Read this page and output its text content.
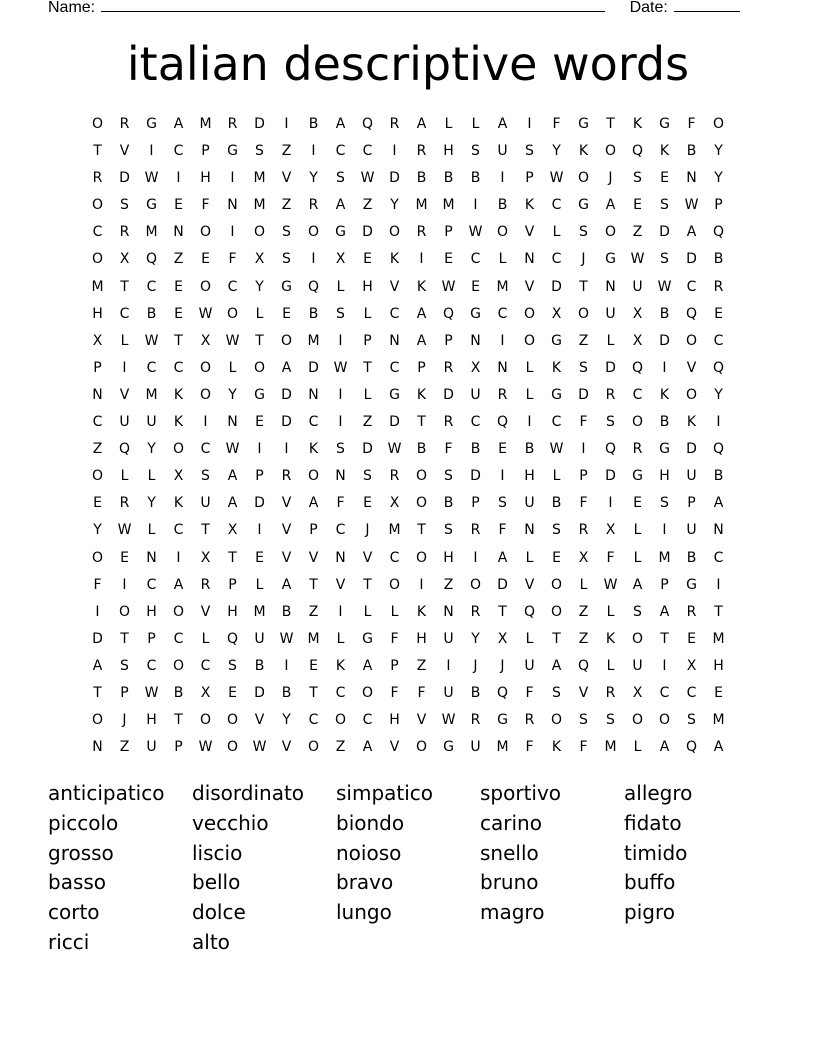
Name:	Date:
italian descriptive words
O	R	G	A	M	R	D	I	B	A	Q	R	A	L	L	A	I	F	G	T	K	G	F	O
T	V	I	C	P	G	S	Z	I	C	C	I	R	H	S	U	S	Y	K	O	Q	K	B	Y
R	D	W	I	H	I	M	V	Y	S	W	D	B	B	B	I	P	W	O	J	S	E	N	Y
O	S	G	E	F	N	M	Z	R	A	Z	Y	M	M	I	B	K	C	G	A	E	S	W	P
C	R	M	N	O	I	O	S	O	G	D	O	R	P	W	O	V	L	S	O	Z	D	A	Q
O	X	Q	Z	E	F	X	S	I	X	E	K	I	E	C	L	N	C	J	G	W	S	D	B
M	T	C	E	O	C	Y	G	Q	L	H	V	K	W	E	M	V	D	T	N	U	W	C	R
H	C	B	E	W	O	L	E	B	S	L	C	A	Q	G	C	O	X	O	U	X	B	Q	E
X	L	W	T	X	W	T	O	M	I	P	N	A	P	N	I	O	G	Z	L	X	D	O	C
P	I	C	C	O	L	O	A	D	W	T	C	P	R	X	N	L	K	S	D	Q	I	V	Q
N	V	M	K	O	Y	G	D	N	I	L	G	K	D	U	R	L	G	D	R	C	K	O	Y
C	U	U	K	I	N	E	D	C	I	Z	D	T	R	C	Q	I	C	F	S	O	B	K	I
Z	Q	Y	O	C	W	I	I	K	S	D	W	B	F	B	E	B	W	I	Q	R	G	D	Q
O	L	L	X	S	A	P	R	O	N	S	R	O	S	D	I	H	L	P	D	G	H	U	B
E	R	Y	K	U	A	D	V	A	F	E	X	O	B	P	S	U	B	F	I	E	S	P	A
Y	W	L	C	T	X	I	V	P	C	J	M	T	S	R	F	N	S	R	X	L	I	U	N
O	E	N	I	X	T	E	V	V	N	V	C	O	H	I	A	L	E	X	F	L	M	B	C
F	I	C	A	R	P	L	A	T	V	T	O	I	Z	O	D	V	O	L	W	A	P	G	I
I	O	H	O	V	H	M	B	Z	I	L	L	K	N	R	T	Q	O	Z	L	S	A	R	T
D	T	P	C	L	Q	U	W	M	L	G	F	H	U	Y	X	L	T	Z	K	O	T	E	M
A	S	C	O	C	S	B	I	E	K	A	P	Z	I	J	J	U	A	Q	L	U	I	X	H
T	P	W	B	X	E	D	B	T	C	O	F	F	U	B	Q	F	S	V	R	X	C	C	E
O	J	H	T	O	O	V	Y	C	O	C	H	V	W	R	G	R	O	S	S	O	O	S	M
N	Z	U	P	W	O	W	V	O	Z	A	V	O	G	U	M	F	K	F	M	L	A	Q	A
anticipatico
piccolo
grosso
basso
corto
ricci
disordinato
vecchio
liscio
bello
dolce
alto
simpatico
biondo
noioso
bravo
lungo
sportivo
carino
snello
bruno
magro
allegro
fidato
timido
buffo
pigro
